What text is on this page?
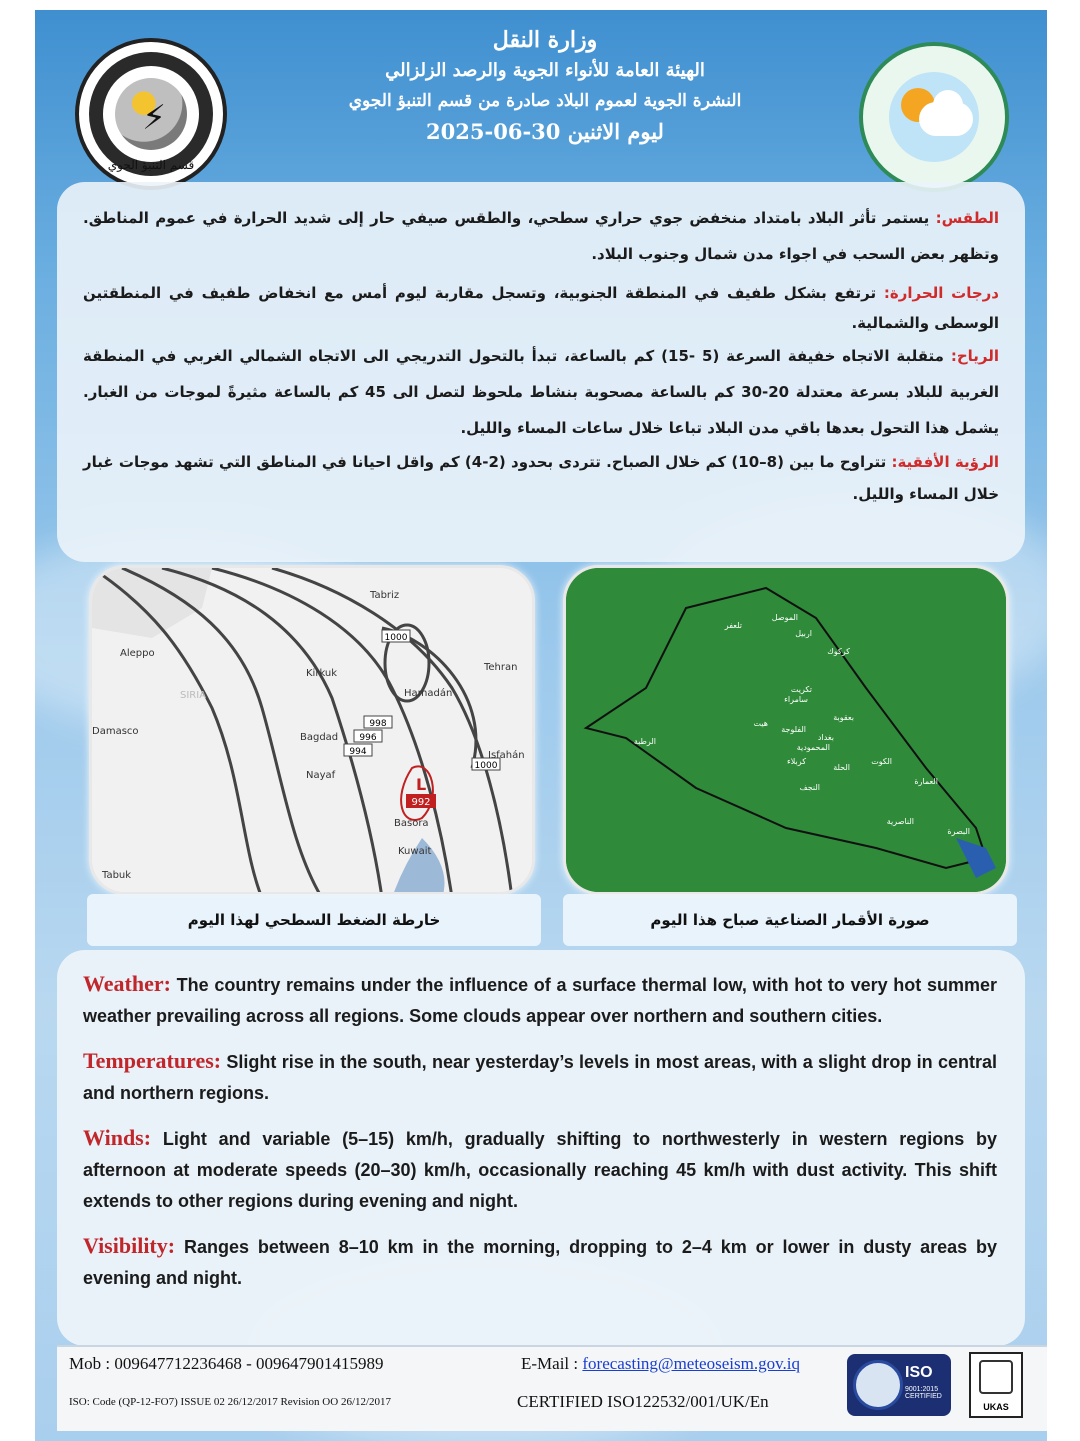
⚡
قسم التنبؤ الجوي
وزارة النقل
الهيئة العامة للأنواء الجوية والرصد الزلزالي
النشرة الجوية لعموم البلاد صادرة من قسم التنبؤ الجوي
ليوم الاثنين 30-06-2025

الطقس: يستمر تأثر البلاد بامتداد منخفض جوي حراري سطحي، والطقس صيفي حار إلى شديد الحرارة في عموم المناطق. وتظهر بعض السحب في اجواء مدن شمال وجنوب البلاد.

درجات الحرارة: ترتفع بشكل طفيف في المنطقة الجنوبية، وتسجل مقاربة ليوم أمس مع انخفاض طفيف في المنطقتين الوسطى والشمالية.

الرياح: متقلبة الاتجاه خفيفة السرعة (5 -15) كم بالساعة، تبدأ بالتحول التدريجي الى الاتجاه الشمالي الغربي في المنطقة الغربية للبلاد بسرعة معتدلة 20-30 كم بالساعة مصحوبة بنشاط ملحوظ لتصل الى 45 كم بالساعة مثيرةً لموجات من الغبار. يشمل هذا التحول بعدها باقي مدن البلاد تباعا خلال ساعات المساء والليل.

الرؤية الأفقية: تتراوح ما بين (8–10) كم خلال الصباح. تتردى بحدود (2-4) كم واقل احيانا في المناطق التي تشهد موجات غبار خلال المساء والليل.

1000
998
996
994
1000
L
992
Tabriz
Aleppo
Kirkuk
Tehran
Hamadán
Damasco
Bagdad
Isfahán
Nayaf
Basora
Kuwait
Tabuk
SIRIA
الموصل
تلعفر
اربيل
كركوك
تكريت
سامراء
هيت
بعقوبة
الفلوجة
بغداد
المحمودية
الرطبة
كربلاء
الحلة
الكوت
النجف
العمارة
الناصرية
البصرة
خارطة الضغط السطحي لهذا اليوم	صورة الأقمار الصناعية صباح هذا اليوم

Weather: The country remains under the influence of a surface thermal low, with hot to very hot summer weather prevailing across all regions. Some clouds appear over northern and southern cities.

Temperatures: Slight rise in the south, near yesterday’s levels in most areas, with a slight drop in central and northern regions.

Winds: Light and variable (5–15) km/h, gradually shifting to northwesterly in western regions by afternoon at moderate speeds (20–30) km/h, occasionally reaching 45 km/h with dust activity. This shift extends to other regions during evening and night.

Visibility: Ranges between 8–10 km in the morning, dropping to 2–4 km or lower in dusty areas by evening and night.

Mob : 009647712236468 - 009647901415989	E-Mail : forecasting@meteoseism.gov.iq
ISO: Code (QP-12-FO7) ISSUE 02 26/12/2017 Revision OO 26/12/2017	CERTIFIED ISO122532/001/UK/En
ISO
9001:2015 CERTIFIED
UKAS
